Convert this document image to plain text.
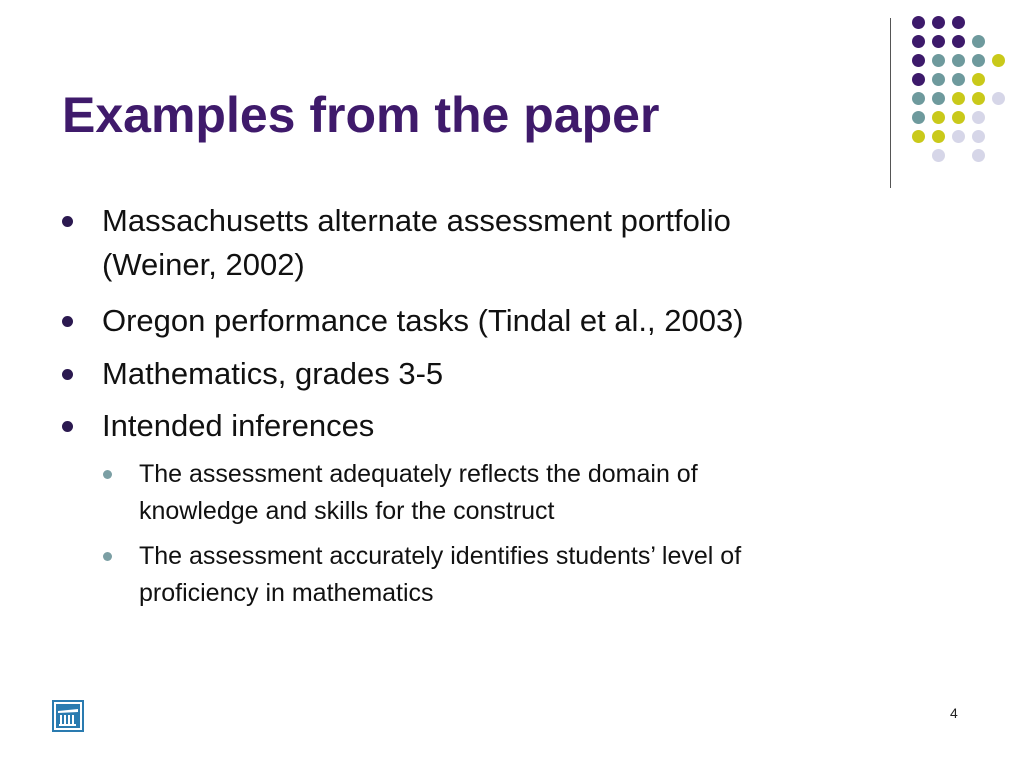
Examples from the paper
Massachusetts alternate assessment portfolio
(Weiner, 2002)
Oregon performance tasks (Tindal et al., 2003)
Mathematics, grades 3-5
Intended inferences
The assessment adequately reflects the domain of
knowledge and skills for the construct
The assessment accurately identifies students’ level of
proficiency in mathematics
4
